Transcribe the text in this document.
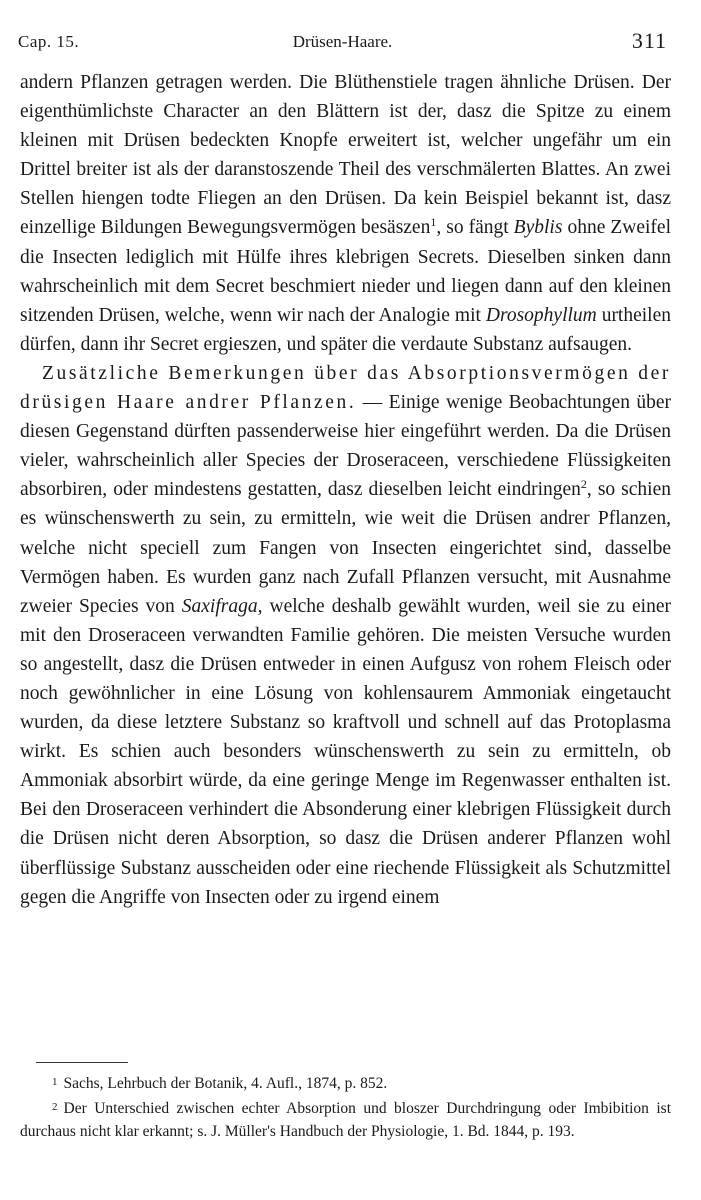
Cap. 15.	Drüsen-Haare.	311

andern Pflanzen getragen werden. Die Blüthenstiele tragen ähnliche Drüsen. Der eigenthümlichste Character an den Blättern ist der, dasz die Spitze zu einem kleinen mit Drüsen bedeckten Knopfe erweitert ist, welcher ungefähr um ein Drittel breiter ist als der daranstoszende Theil des verschmälerten Blattes. An zwei Stellen hiengen todte Fliegen an den Drüsen. Da kein Beispiel bekannt ist, dasz einzellige Bildungen Bewegungsvermögen besäszen$^1$, so fängt Byblis ohne Zweifel die Insecten lediglich mit Hülfe ihres klebrigen Secrets. Dieselben sinken dann wahrscheinlich mit dem Secret beschmiert nieder und liegen dann auf den kleinen sitzenden Drüsen, welche, wenn wir nach der Analogie mit Drosophyllum urtheilen dürfen, dann ihr Secret ergieszen, und später die verdaute Substanz aufsaugen.

Zusätzliche Bemerkungen über das Absorptionsvermögen der drüsigen Haare andrer Pflanzen. — Einige wenige Beobachtungen über diesen Gegenstand dürften passenderweise hier eingeführt werden. Da die Drüsen vieler, wahrscheinlich aller Species der Droseraceen, verschiedene Flüssigkeiten absorbiren, oder mindestens gestatten, dasz dieselben leicht eindringen$^2$, so schien es wünschenswerth zu sein, zu ermitteln, wie weit die Drüsen andrer Pflanzen, welche nicht speciell zum Fangen von Insecten eingerichtet sind, dasselbe Vermögen haben. Es wurden ganz nach Zufall Pflanzen versucht, mit Ausnahme zweier Species von Saxifraga, welche deshalb gewählt wurden, weil sie zu einer mit den Droseraceen verwandten Familie gehören. Die meisten Versuche wurden so angestellt, dasz die Drüsen entweder in einen Aufgusz von rohem Fleisch oder noch gewöhnlicher in eine Lösung von kohlensaurem Ammoniak eingetaucht wurden, da diese letztere Substanz so kraftvoll und schnell auf das Protoplasma wirkt. Es schien auch besonders wünschenswerth zu sein zu ermitteln, ob Ammoniak absorbirt würde, da eine geringe Menge im Regenwasser enthalten ist. Bei den Droseraceen verhindert die Absonderung einer klebrigen Flüssigkeit durch die Drüsen nicht deren Absorption, so dasz die Drüsen anderer Pflanzen wohl überflüssige Substanz ausscheiden oder eine riechende Flüssigkeit als Schutzmittel gegen die Angriffe von Insecten oder zu irgend einem

1 Sachs, Lehrbuch der Botanik, 4. Aufl., 1874, p. 852.

2 Der Unterschied zwischen echter Absorption und bloszer Durchdringung oder Imbibition ist durchaus nicht klar erkannt; s. J. Müller's Handbuch der Physiologie, 1. Bd. 1844, p. 193.
